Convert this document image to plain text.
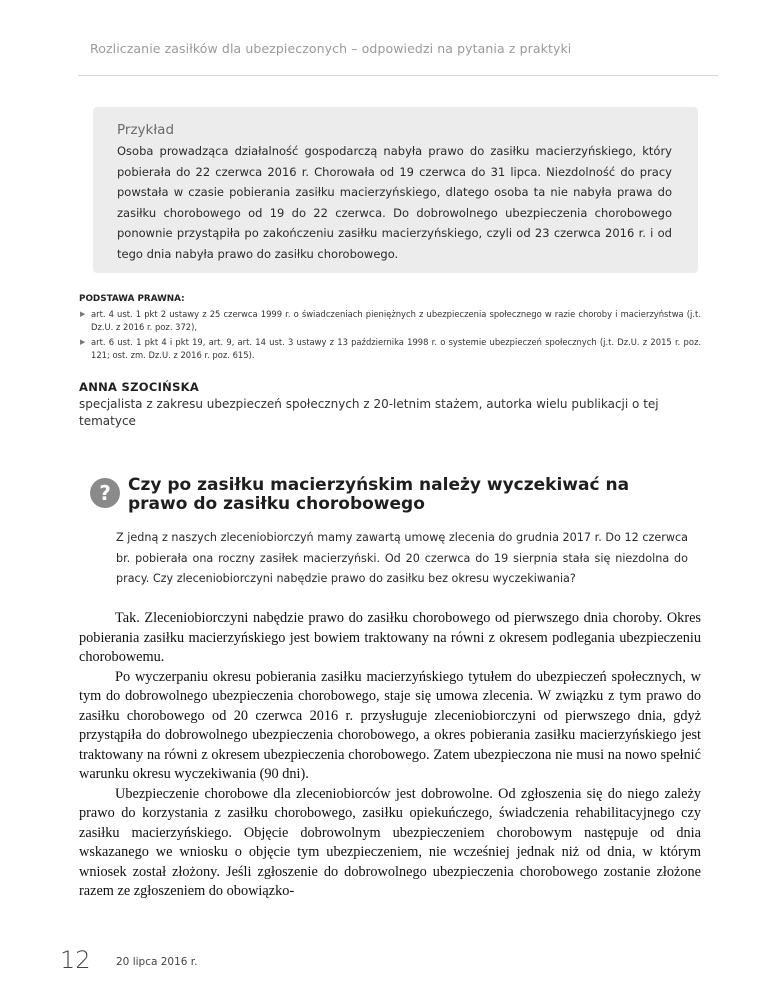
Rozliczanie zasiłków dla ubezpieczonych – odpowiedzi na pytania z praktyki
Przykład
Osoba prowadząca działalność gospodarczą nabyła prawo do zasiłku macierzyńskiego, który pobierała do 22 czerwca 2016 r. Chorowała od 19 czerwca do 31 lipca. Niezdolność do pracy powstała w czasie pobierania zasiłku macierzyńskiego, dlatego osoba ta nie nabyła prawa do zasiłku chorobowego od 19 do 22 czerwca. Do dobrowolnego ubezpieczenia chorobowego ponownie przystąpiła po zakończeniu zasiłku macierzyńskiego, czyli od 23 czerwca 2016 r. i od tego dnia nabyła prawo do zasiłku chorobowego.
PODSTAWA PRAWNA:
▶ art. 4 ust. 1 pkt 2 ustawy z 25 czerwca 1999 r. o świadczeniach pieniężnych z ubezpieczenia społecznego w razie choroby i macierzyństwa (j.t. Dz.U. z 2016 r. poz. 372),
▶ art. 6 ust. 1 pkt 4 i pkt 19, art. 9, art. 14 ust. 3 ustawy z 13 października 1998 r. o systemie ubezpieczeń społecznych (j.t. Dz.U. z 2015 r. poz. 121; ost. zm. Dz.U. z 2016 r. poz. 615).
ANNA SZOCIŃSKA
specjalista z zakresu ubezpieczeń społecznych z 20-letnim stażem, autorka wielu publikacji o tej tematyce
?	Czy po zasiłku macierzyńskim należy wyczekiwać na prawo do zasiłku chorobowego
Z jedną z naszych zleceniobiorczyń mamy zawartą umowę zlecenia do grudnia 2017 r. Do 12 czerwca br. pobierała ona roczny zasiłek macierzyński. Od 20 czerwca do 19 sierpnia stała się niezdolna do pracy. Czy zleceniobiorczyni nabędzie prawo do zasiłku bez okresu wyczekiwania?

Tak. Zleceniobiorczyni nabędzie prawo do zasiłku chorobowego od pierwszego dnia choroby. Okres pobierania zasiłku macierzyńskiego jest bowiem traktowany na równi z okresem podlegania ubezpieczeniu chorobowemu.

Po wyczerpaniu okresu pobierania zasiłku macierzyńskiego tytułem do ubezpieczeń społecznych, w tym do dobrowolnego ubezpieczenia chorobowego, staje się umowa zlecenia. W związku z tym prawo do zasiłku chorobowego od 20 czerwca 2016 r. przysługuje zleceniobiorczyni od pierwszego dnia, gdyż przystąpiła do dobrowolnego ubezpieczenia chorobowego, a okres pobierania zasiłku macierzyńskiego jest traktowany na równi z okresem ubezpieczenia chorobowego. Zatem ubezpieczona nie musi na nowo spełnić warunku okresu wyczekiwania (90 dni).

Ubezpieczenie chorobowe dla zleceniobiorców jest dobrowolne. Od zgłoszenia się do niego zależy prawo do korzystania z zasiłku chorobowego, zasiłku opiekuńczego, świadczenia rehabilitacyjnego czy zasiłku macierzyńskiego. Objęcie dobrowolnym ubezpieczeniem chorobowym następuje od dnia wskazanego we wniosku o objęcie tym ubezpieczeniem, nie wcześniej jednak niż od dnia, w którym wniosek został złożony. Jeśli zgłoszenie do dobrowolnego ubezpieczenia chorobowego zostanie złożone razem ze zgłoszeniem do obowiązko-

12 20 lipca 2016 r.
